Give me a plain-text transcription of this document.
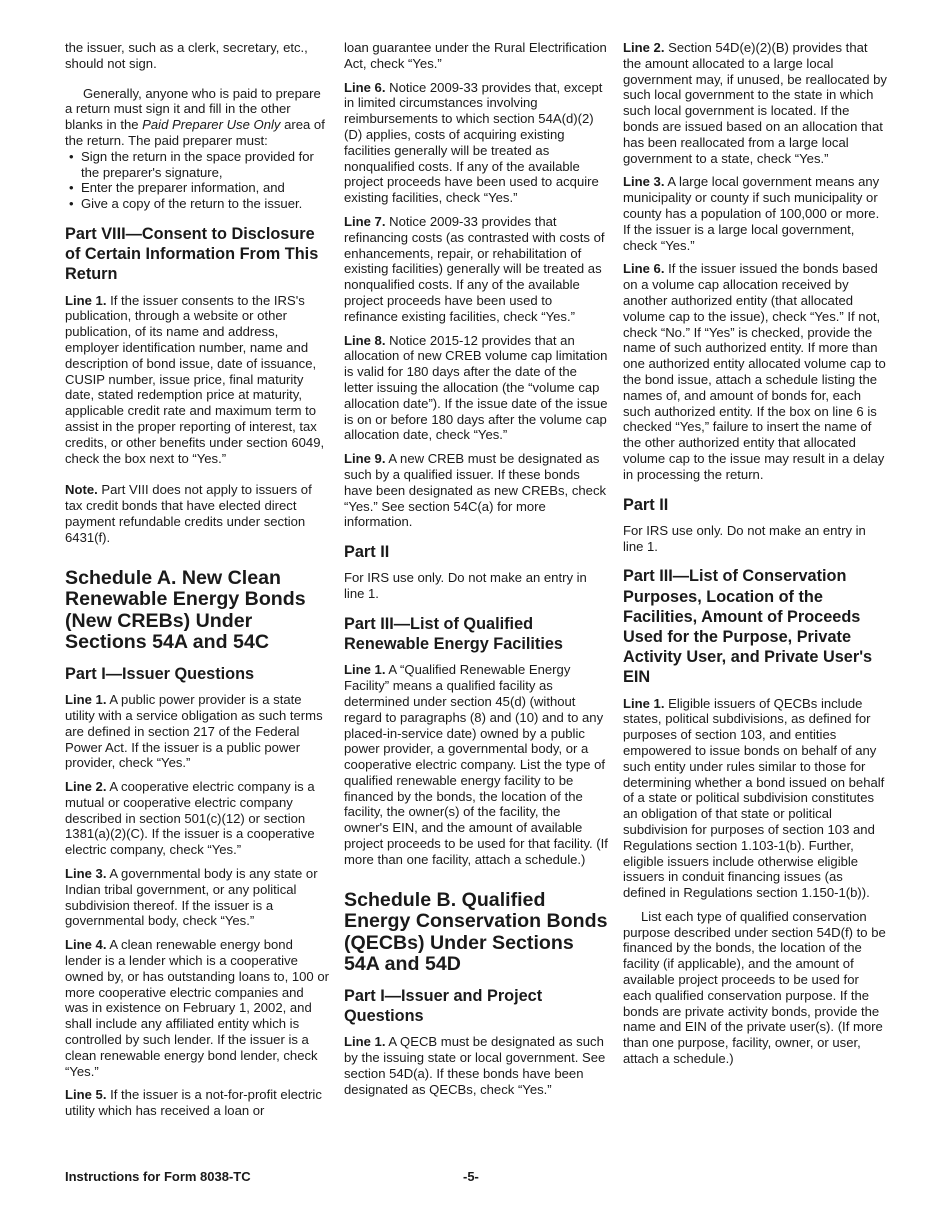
the issuer, such as a clerk, secretary, etc., should not sign.

Generally, anyone who is paid to prepare a return must sign it and fill in the other blanks in the Paid Preparer Use Only area of the return. The paid preparer must:

• Sign the return in the space provided for the preparer's signature,
• Enter the preparer information, and
• Give a copy of the return to the issuer.
Part VIII—Consent to Disclosure of Certain Information From This Return

Line 1. If the issuer consents to the IRS's publication, through a website or other publication, of its name and address, employer identification number, name and description of bond issue, date of issuance, CUSIP number, issue price, final maturity date, stated redemption price at maturity, applicable credit rate and maximum term to assist in the proper reporting of interest, tax credits, or other benefits under section 6049, check the box next to “Yes.”

Note. Part VIII does not apply to issuers of tax credit bonds that have elected direct payment refundable credits under section 6431(f).

Schedule A. New Clean Renewable Energy Bonds (New CREBs) Under Sections 54A and 54C
Part I—Issuer Questions

Line 1. A public power provider is a state utility with a service obligation as such terms are defined in section 217 of the Federal Power Act. If the issuer is a public power provider, check “Yes.”

Line 2. A cooperative electric company is a mutual or cooperative electric company described in section 501(c)(12) or section 1381(a)(2)(C). If the issuer is a cooperative electric company, check “Yes.”

Line 3. A governmental body is any state or Indian tribal government, or any political subdivision thereof. If the issuer is a governmental body, check “Yes.”

Line 4. A clean renewable energy bond lender is a lender which is a cooperative owned by, or has outstanding loans to, 100 or more cooperative electric companies and was in existence on February 1, 2002, and shall include any affiliated entity which is controlled by such lender. If the issuer is a clean renewable energy bond lender, check “Yes.”

Line 5. If the issuer is a not-for-profit electric utility which has received a loan or

loan guarantee under the Rural Electrification Act, check “Yes.”

Line 6. Notice 2009-33 provides that, except in limited circumstances involving reimbursements to which section 54A(d)(2)(D) applies, costs of acquiring existing facilities generally will be treated as nonqualified costs. If any of the available project proceeds have been used to acquire existing facilities, check “Yes.”

Line 7. Notice 2009-33 provides that refinancing costs (as contrasted with costs of enhancements, repair, or rehabilitation of existing facilities) generally will be treated as nonqualified costs. If any of the available project proceeds have been used to refinance existing facilities, check “Yes.”

Line 8. Notice 2015-12 provides that an allocation of new CREB volume cap limitation is valid for 180 days after the date of the letter issuing the allocation (the “volume cap allocation date”). If the issue date of the issue is on or before 180 days after the volume cap allocation date, check “Yes.”

Line 9. A new CREB must be designated as such by a qualified issuer. If these bonds have been designated as new CREBs, check “Yes.” See section 54C(a) for more information.

Part II

For IRS use only. Do not make an entry in line 1.

Part III—List of Qualified Renewable Energy Facilities

Line 1. A “Qualified Renewable Energy Facility” means a qualified facility as determined under section 45(d) (without regard to paragraphs (8) and (10) and to any placed-in-service date) owned by a public power provider, a governmental body, or a cooperative electric company. List the type of qualified renewable energy facility to be financed by the bonds, the location of the facility, the owner(s) of the facility, the owner's EIN, and the amount of available project proceeds to be used for that facility. (If more than one facility, attach a schedule.)

Schedule B. Qualified Energy Conservation Bonds (QECBs) Under Sections 54A and 54D
Part I—Issuer and Project Questions

Line 1. A QECB must be designated as such by the issuing state or local government. See section 54D(a). If these bonds have been designated as QECBs, check “Yes.”

Line 2. Section 54D(e)(2)(B) provides that the amount allocated to a large local government may, if unused, be reallocated by such local government to the state in which such local government is located. If the bonds are issued based on an allocation that has been reallocated from a large local government to a state, check “Yes.”

Line 3. A large local government means any municipality or county if such municipality or county has a population of 100,000 or more. If the issuer is a large local government, check “Yes.”

Line 6. If the issuer issued the bonds based on a volume cap allocation received by another authorized entity (that allocated volume cap to the issue), check “Yes.” If not, check “No.” If “Yes” is checked, provide the name of such authorized entity. If more than one authorized entity allocated volume cap to the bond issue, attach a schedule listing the names of, and amount of bonds for, each such authorized entity. If the box on line 6 is checked “Yes,” failure to insert the name of the other authorized entity that allocated volume cap to the issue may result in a delay in processing the return.

Part II

For IRS use only. Do not make an entry in line 1.

Part III—List of Conservation Purposes, Location of the Facilities, Amount of Proceeds Used for the Purpose, Private Activity User, and Private User's EIN

Line 1. Eligible issuers of QECBs include states, political subdivisions, as defined for purposes of section 103, and entities empowered to issue bonds on behalf of any such entity under rules similar to those for determining whether a bond issued on behalf of a state or political subdivision constitutes an obligation of that state or political subdivision for purposes of section 103 and Regulations section 1.103-1(b). Further, eligible issuers include otherwise eligible issuers in conduit financing issues (as defined in Regulations section 1.150-1(b)).

List each type of qualified conservation purpose described under section 54D(f) to be financed by the bonds, the location of the facility (if applicable), and the amount of available project proceeds to be used for each qualified conservation purpose. If the bonds are private activity bonds, provide the name and EIN of the private user(s). (If more than one purpose, facility, owner, or user, attach a schedule.)

Instructions for Form 8038-TC	-5-
